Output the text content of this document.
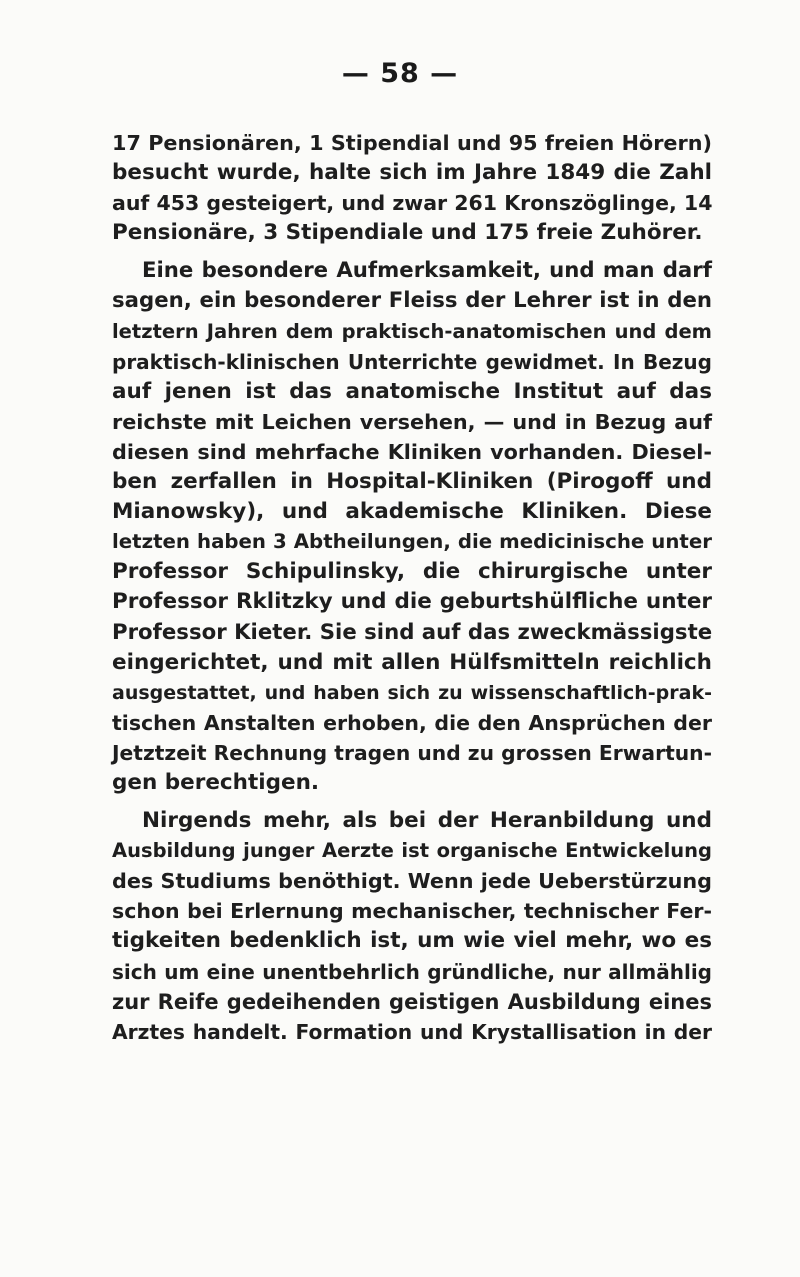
— 58 —
17 Pensionären, 1 Stipendial und 95 freien Hörern)
besucht wurde, halte sich im Jahre 1849 die Zahl
auf 453 gesteigert, und zwar 261 Kronszöglinge, 14
Pensionäre, 3 Stipendiale und 175 freie Zuhörer.
Eine besondere Aufmerksamkeit, und man darf
sagen, ein besonderer Fleiss der Lehrer ist in den
letztern Jahren dem praktisch-anatomischen und dem
praktisch-klinischen Unterrichte gewidmet. In Bezug
auf jenen ist das anatomische Institut auf das
reichste mit Leichen versehen, — und in Bezug auf
diesen sind mehrfache Kliniken vorhanden. Diesel-
ben zerfallen in Hospital-Kliniken (Pirogoff und
Mianowsky), und akademische Kliniken. Diese
letzten haben 3 Abtheilungen, die medicinische unter
Professor Schipulinsky, die chirurgische unter
Professor Rklitzky und die geburtshülfliche unter
Professor Kieter. Sie sind auf das zweckmässigste
eingerichtet, und mit allen Hülfsmitteln reichlich
ausgestattet, und haben sich zu wissenschaftlich-prak-
tischen Anstalten erhoben, die den Ansprüchen der
Jetztzeit Rechnung tragen und zu grossen Erwartun-
gen berechtigen.
Nirgends mehr, als bei der Heranbildung und
Ausbildung junger Aerzte ist organische Entwickelung
des Studiums benöthigt. Wenn jede Ueberstürzung
schon bei Erlernung mechanischer, technischer Fer-
tigkeiten bedenklich ist, um wie viel mehr, wo es
sich um eine unentbehrlich gründliche, nur allmählig
zur Reife gedeihenden geistigen Ausbildung eines
Arztes handelt. Formation und Krystallisation in der
